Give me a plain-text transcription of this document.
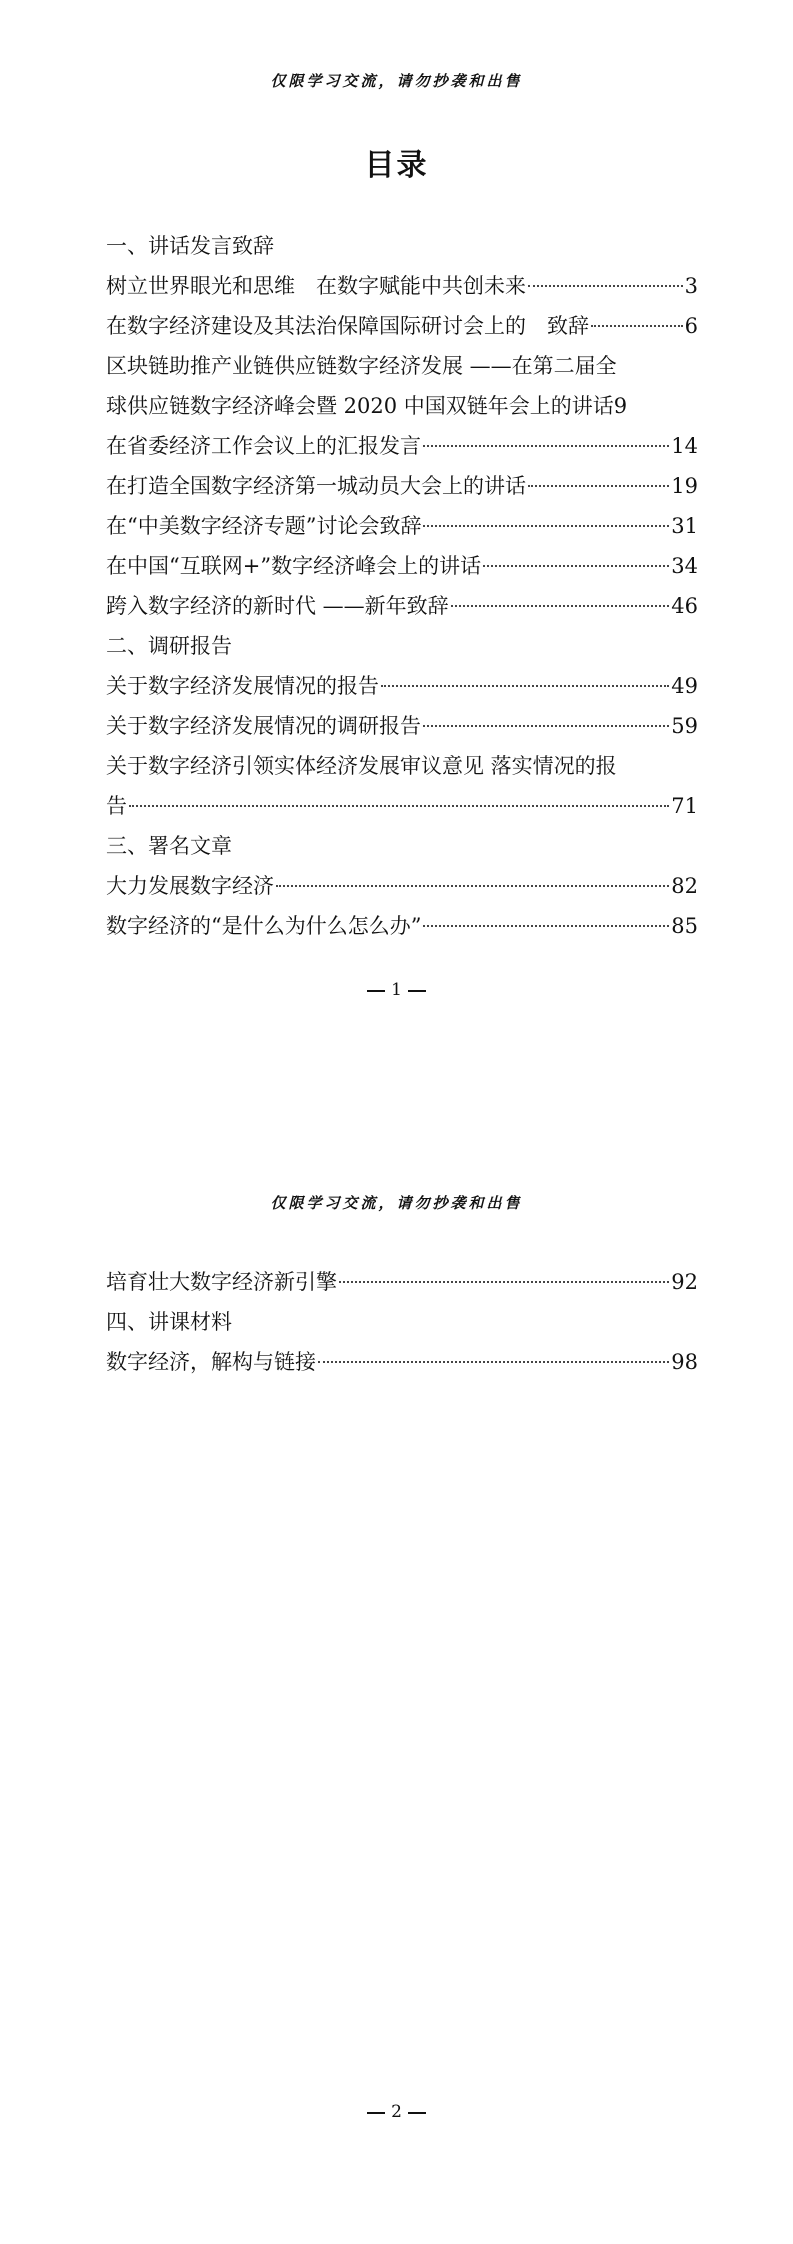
仅限学习交流，请勿抄袭和出售
目录
一、讲话发言致辞
树立世界眼光和思维　在数字赋能中共创未来	3
在数字经济建设及其法治保障国际研讨会上的　致辞	6
区块链助推产业链供应链数字经济发展 ——在第二届全
球供应链数字经济峰会暨 2020 中国双链年会上的讲话9
在省委经济工作会议上的汇报发言	14
在打造全国数字经济第一城动员大会上的讲话	19
在“中美数字经济专题”讨论会致辞	31
在中国“互联网+”数字经济峰会上的讲话	34
跨入数字经济的新时代 ——新年致辞	46
二、调研报告
关于数字经济发展情况的报告	49
关于数字经济发展情况的调研报告	59
关于数字经济引领实体经济发展审议意见 落实情况的报
告	71
三、署名文章
大力发展数字经济	82
数字经济的“是什么为什么怎么办”	85
1
仅限学习交流，请勿抄袭和出售
培育壮大数字经济新引擎	92
四、讲课材料
数字经济，解构与链接	98
2
